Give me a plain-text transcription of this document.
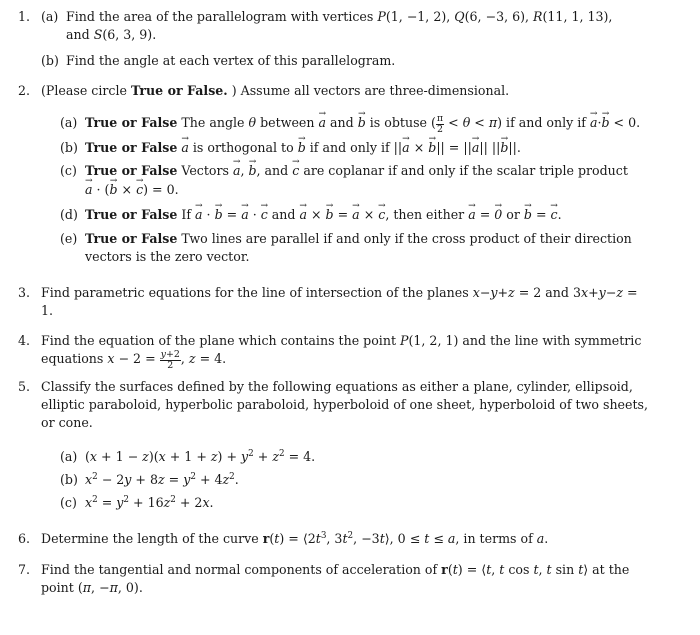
1. (a) Find the area of the parallelogram with vertices P(1, −1, 2), Q(6, −3, 6), R(11, 1, 13),
and S(6, 3, 9).
(b) Find the angle at each vertex of this parallelogram.
2. (Please circle True or False. ) Assume all vectors are three-dimensional.
(a) True or False The angle θ between a → and b → is obtuse ( $\frac{\pi}{2} < \theta < \pi$) if and only if a →·b → < 0.
(b) True or False a → is orthogonal to b → if and only if ||a → × b →|| = ||a →|| ||b →||.
(c) True or False Vectors a →, b →, and c → are coplanar if and only if the scalar triple product
a → · (b → × c →) = 0.
(d) True or False If a → · b → = a → · c → and a → × b → = a → × c →, then either a → = 0 → or b → = c →.
(e) True or False Two lines are parallel if and only if the cross product of their direction
vectors is the zero vector.
3. Find parametric equations for the line of intersection of the planes x−y+z = 2 and 3x+y−z =
1.
4. Find the equation of the plane which contains the point P(1, 2, 1) and the line with symmetric
equations $x - 2 = \frac{y+2}{2}$ , z = 4.
5. Classify the surfaces defined by the following equations as either a plane, cylinder, ellipsoid,
elliptic paraboloid, hyperbolic paraboloid, hyperboloid of one sheet, hyperboloid of two sheets,
or cone.
(a) $(x + 1 - z)(x + 1 + z) + y^2 + z^2 = 4$.
(b) $x^2 - 2y + 8z = y^2 + 4z^2$.
(c) $x^2 = y^2 + 16z^2 + 2x$.
6. Determine the length of the curve $r(t) = ⟨2t^3$, $3t^2$, −3t⟩, 0 ≤ t ≤ a, in terms of a.
7. Find the tangential and normal components of acceleration of r(t) = ⟨t, t cos t, t sin t⟩ at the
point (π, −π, 0).
